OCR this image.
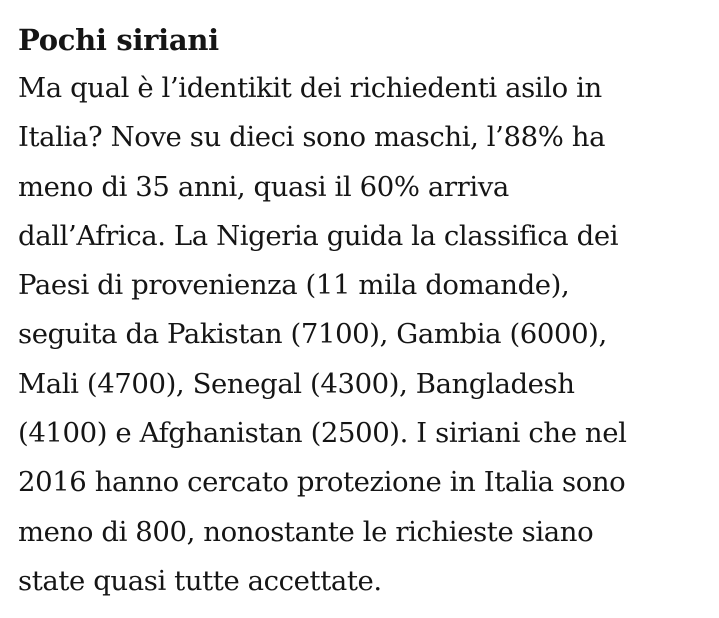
Pochi siriani

Ma qual è l’identikit dei richiedenti asilo in
Italia? Nove su dieci sono maschi, l’88% ha
meno di 35 anni, quasi il 60% arriva
dall’Africa. La Nigeria guida la classifica dei
Paesi di provenienza (11 mila domande),
seguita da Pakistan (7100), Gambia (6000),
Mali (4700), Senegal (4300), Bangladesh
(4100) e Afghanistan (2500). I siriani che nel
2016 hanno cercato protezione in Italia sono
meno di 800, nonostante le richieste siano
state quasi tutte accettate.
